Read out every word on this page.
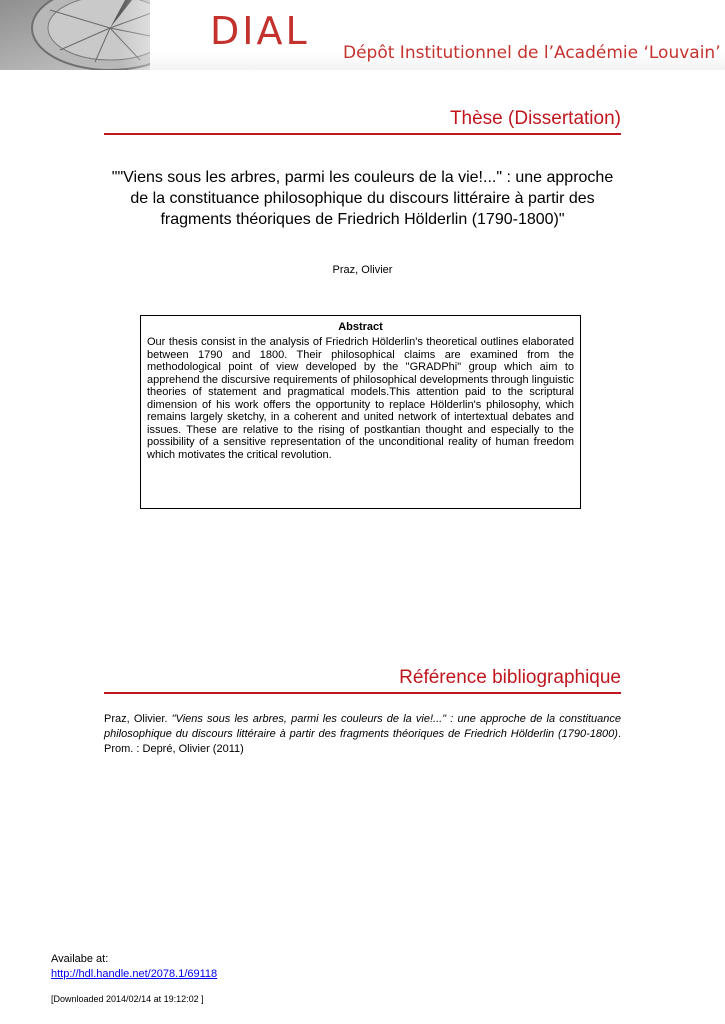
DIAL Dépôt Institutionnel de l’Académie ‘Louvain’
Thèse (Dissertation)
""Viens sous les arbres, parmi les couleurs de la vie!..." : une approche de la constituance philosophique du discours littéraire à partir des fragments théoriques de Friedrich Hölderlin (1790-1800)"
Praz, Olivier
Abstract
Our thesis consist in the analysis of Friedrich Hölderlin's theoretical outlines elaborated between 1790 and 1800. Their philosophical claims are examined from the methodological point of view developed by the "GRADPhi" group which aim to apprehend the discursive requirements of philosophical developments through linguistic theories of statement and pragmatical models.This attention paid to the scriptural dimension of his work offers the opportunity to replace Hölderlin's philosophy, which remains largely sketchy, in a coherent and united network of intertextual debates and issues. These are relative to the rising of postkantian thought and especially to the possibility of a sensitive representation of the unconditional reality of human freedom which motivates the critical revolution.
Référence bibliographique
Praz, Olivier. "Viens sous les arbres, parmi les couleurs de la vie!..." : une approche de la constituance philosophique du discours littéraire à partir des fragments théoriques de Friedrich Hölderlin (1790-1800). Prom. : Depré, Olivier (2011)
Availabe at:
http://hdl.handle.net/2078.1/69118
[Downloaded 2014/02/14 at 19:12:02 ]
